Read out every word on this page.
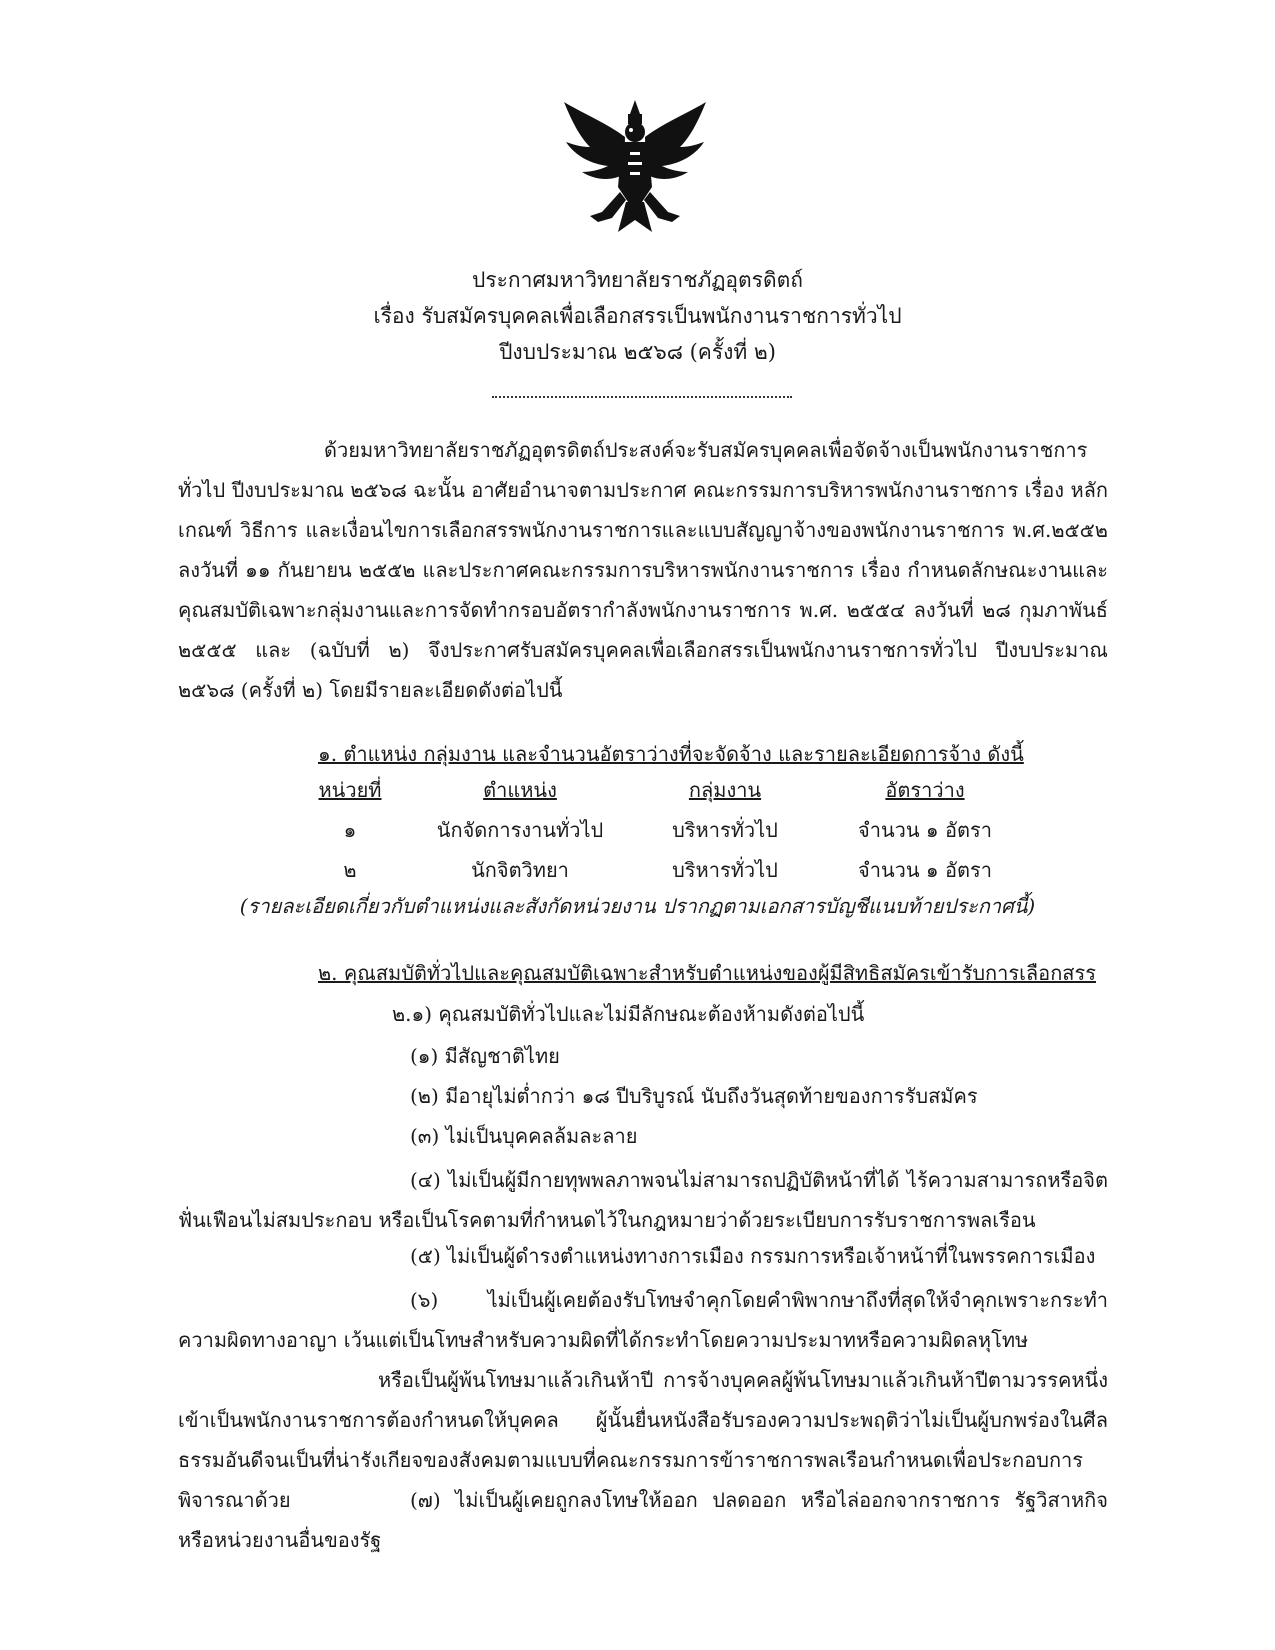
ประกาศมหาวิทยาลัยราชภัฏอุตรดิตถ์
เรื่อง รับสมัครบุคคลเพื่อเลือกสรรเป็นพนักงานราชการทั่วไป
ปีงบประมาณ ๒๕๖๘ (ครั้งที่ ๒)

ด้วยมหาวิทยาลัยราชภัฏอุตรดิตถ์ประสงค์จะรับสมัครบุคคลเพื่อจัดจ้างเป็นพนักงานราชการทั่วไป ปีงบประมาณ ๒๕๖๘ ฉะนั้น อาศัยอำนาจตามประกาศ คณะกรรมการบริหารพนักงานราชการ เรื่อง หลักเกณฑ์ วิธีการ และเงื่อนไขการเลือกสรรพนักงานราชการและแบบสัญญาจ้างของพนักงานราชการ พ.ศ.๒๕๕๒ ลงวันที่ ๑๑ กันยายน ๒๕๕๒ และประกาศคณะกรรมการบริหารพนักงานราชการ เรื่อง กำหนดลักษณะงานและคุณสมบัติเฉพาะกลุ่มงานและการจัดทำกรอบอัตรากำลังพนักงานราชการ พ.ศ. ๒๕๕๔ ลงวันที่ ๒๘ กุมภาพันธ์ ๒๕๕๕ และ (ฉบับที่ ๒) จึงประกาศรับสมัครบุคคลเพื่อเลือกสรรเป็นพนักงานราชการทั่วไป ปีงบประมาณ ๒๕๖๘ (ครั้งที่ ๒) โดยมีรายละเอียดดังต่อไปนี้

๑. ตำแหน่ง กลุ่มงาน และจำนวนอัตราว่างที่จะจัดจ้าง และรายละเอียดการจ้าง ดังนี้
หน่วยที่	ตำแหน่ง	กลุ่มงาน	อัตราว่าง
๑	นักจัดการงานทั่วไป	บริหารทั่วไป	จำนวน ๑ อัตรา
๒	นักจิตวิทยา	บริหารทั่วไป	จำนวน ๑ อัตรา
(รายละเอียดเกี่ยวกับตำแหน่งและสังกัดหน่วยงาน ปรากฏตามเอกสารบัญชีแนบท้ายประกาศนี้)
๒. คุณสมบัติทั่วไปและคุณสมบัติเฉพาะสำหรับตำแหน่งของผู้มีสิทธิสมัครเข้ารับการเลือกสรร
๒.๑) คุณสมบัติทั่วไปและไม่มีลักษณะต้องห้ามดังต่อไปนี้
(๑) มีสัญชาติไทย
(๒) มีอายุไม่ต่ำกว่า ๑๘ ปีบริบูรณ์ นับถึงวันสุดท้ายของการรับสมัคร
(๓) ไม่เป็นบุคคลล้มละลาย

(๔) ไม่เป็นผู้มีกายทุพพลภาพจนไม่สามารถปฏิบัติหน้าที่ได้ ไร้ความสามารถหรือจิตฟั่นเฟือนไม่สมประกอบ หรือเป็นโรคตามที่กำหนดไว้ในกฎหมายว่าด้วยระเบียบการรับราชการพลเรือน

(๕) ไม่เป็นผู้ดำรงตำแหน่งทางการเมือง กรรมการหรือเจ้าหน้าที่ในพรรคการเมือง

(๖) ไม่เป็นผู้เคยต้องรับโทษจำคุกโดยคำพิพากษาถึงที่สุดให้จำคุกเพราะกระทำความผิดทางอาญา เว้นแต่เป็นโทษสำหรับความผิดที่ได้กระทำโดยความประมาทหรือความผิดลหุโทษ

หรือเป็นผู้พ้นโทษมาแล้วเกินห้าปี การจ้างบุคคลผู้พ้นโทษมาแล้วเกินห้าปีตามวรรคหนึ่งเข้าเป็นพนักงานราชการต้องกำหนดให้บุคคล ผู้นั้นยื่นหนังสือรับรองความประพฤติว่าไม่เป็นผู้บกพร่องในศีลธรรมอันดีจนเป็นที่น่ารังเกียจของสังคมตามแบบที่คณะกรรมการข้าราชการพลเรือนกำหนดเพื่อประกอบการพิจารณาด้วย	(๗) ไม่เป็นผู้เคยถูกลงโทษให้ออก ปลดออก หรือไล่ออกจากราชการ รัฐวิสาหกิจหรือหน่วยงานอื่นของรัฐ
